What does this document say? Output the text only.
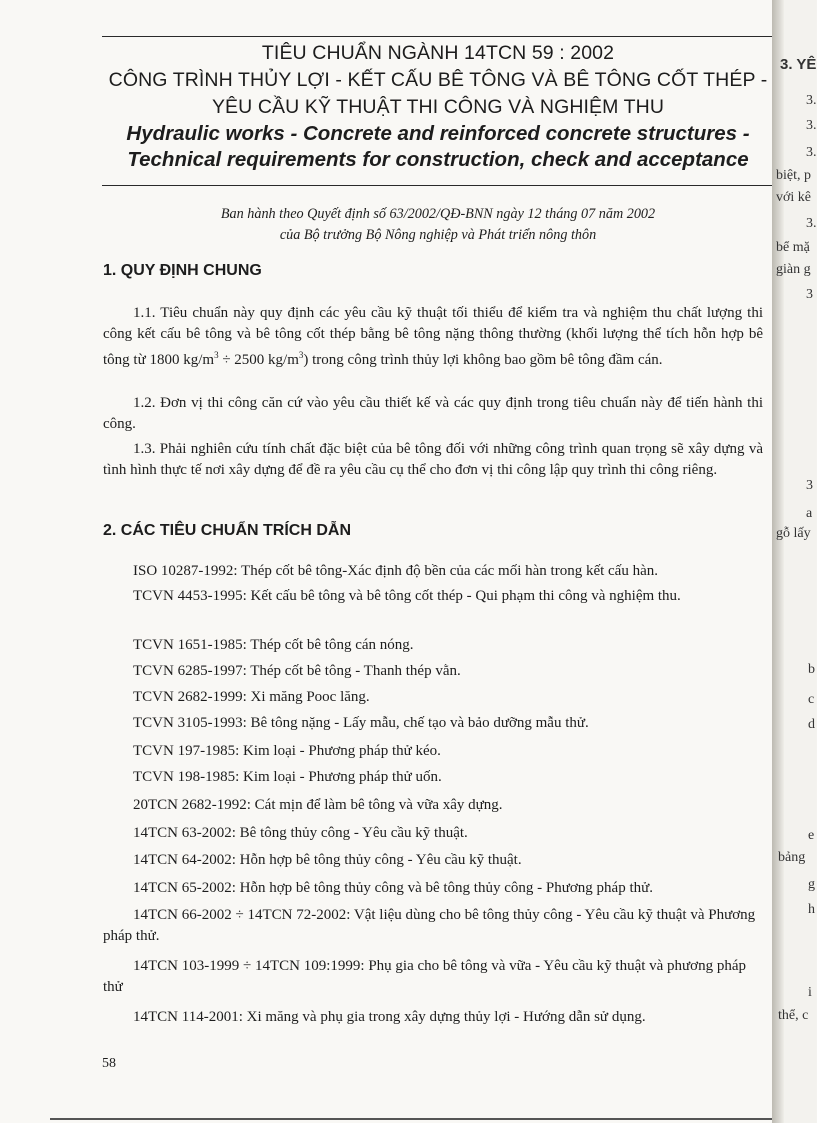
TIÊU CHUẨN NGÀNH 14TCN 59 : 2002

CÔNG TRÌNH THỦY LỢI - KẾT CẤU BÊ TÔNG VÀ BÊ TÔNG CỐT THÉP -

YÊU CẦU KỸ THUẬT THI CÔNG VÀ NGHIỆM THU

Hydraulic works - Concrete and reinforced concrete structures -

Technical requirements for construction, check and acceptance

Ban hành theo Quyết định số 63/2002/QĐ-BNN ngày 12 tháng 07 năm 2002
của Bộ trưởng Bộ Nông nghiệp và Phát triển nông thôn
1. QUY ĐỊNH CHUNG

1.1. Tiêu chuẩn này quy định các yêu cầu kỹ thuật tối thiểu để kiểm tra và nghiệm thu chất lượng thi công kết cấu bê tông và bê tông cốt thép bằng bê tông nặng thông thường (khối lượng thể tích hỗn hợp bê tông từ 1800 $kg/m^3 \div 2500$ $kg/m^3$) trong công trình thủy lợi không bao gồm bê tông đầm cán.

1.2. Đơn vị thi công căn cứ vào yêu cầu thiết kế và các quy định trong tiêu chuẩn này để tiến hành thi công.

1.3. Phải nghiên cứu tính chất đặc biệt của bê tông đối với những công trình quan trọng sẽ xây dựng và tình hình thực tế nơi xây dựng để đề ra yêu cầu cụ thể cho đơn vị thi công lập quy trình thi công riêng.

2. CÁC TIÊU CHUẨN TRÍCH DẪN

ISO 10287-1992: Thép cốt bê tông-Xác định độ bền của các mối hàn trong kết cấu hàn.

TCVN 4453-1995: Kết cấu bê tông và bê tông cốt thép - Qui phạm thi công và nghiệm thu.

TCVN 1651-1985: Thép cốt bê tông cán nóng.

TCVN 6285-1997: Thép cốt bê tông - Thanh thép vằn.

TCVN 2682-1999: Xi măng Pooc lăng.

TCVN 3105-1993: Bê tông nặng - Lấy mẫu, chế tạo và bảo dưỡng mẫu thử.

TCVN 197-1985: Kim loại - Phương pháp thử kéo.

TCVN 198-1985: Kim loại - Phương pháp thử uốn.

20TCN 2682-1992: Cát mịn để làm bê tông và vữa xây dựng.

14TCN 63-2002: Bê tông thủy công - Yêu cầu kỹ thuật.

14TCN 64-2002: Hỗn hợp bê tông thủy công - Yêu cầu kỹ thuật.

14TCN 65-2002: Hỗn hợp bê tông thủy công và bê tông thủy công - Phương pháp thử.

14TCN 66-2002 ÷ 14TCN 72-2002: Vật liệu dùng cho bê tông thủy công - Yêu cầu kỹ thuật và Phương pháp thử.

14TCN 103-1999 ÷ 14TCN 109:1999: Phụ gia cho bê tông và vữa - Yêu cầu kỹ thuật và phương pháp thử

14TCN 114-2001: Xi măng và phụ gia trong xây dựng thủy lợi - Hướng dẫn sử dụng.

58
3. YÊ
3.
3.
3.
biệt, p
với kê
3.
bể mặ
giàn g
3
3
a
gỗ lấy
b
c
d
e
bảng
g
h
i
thể, c
